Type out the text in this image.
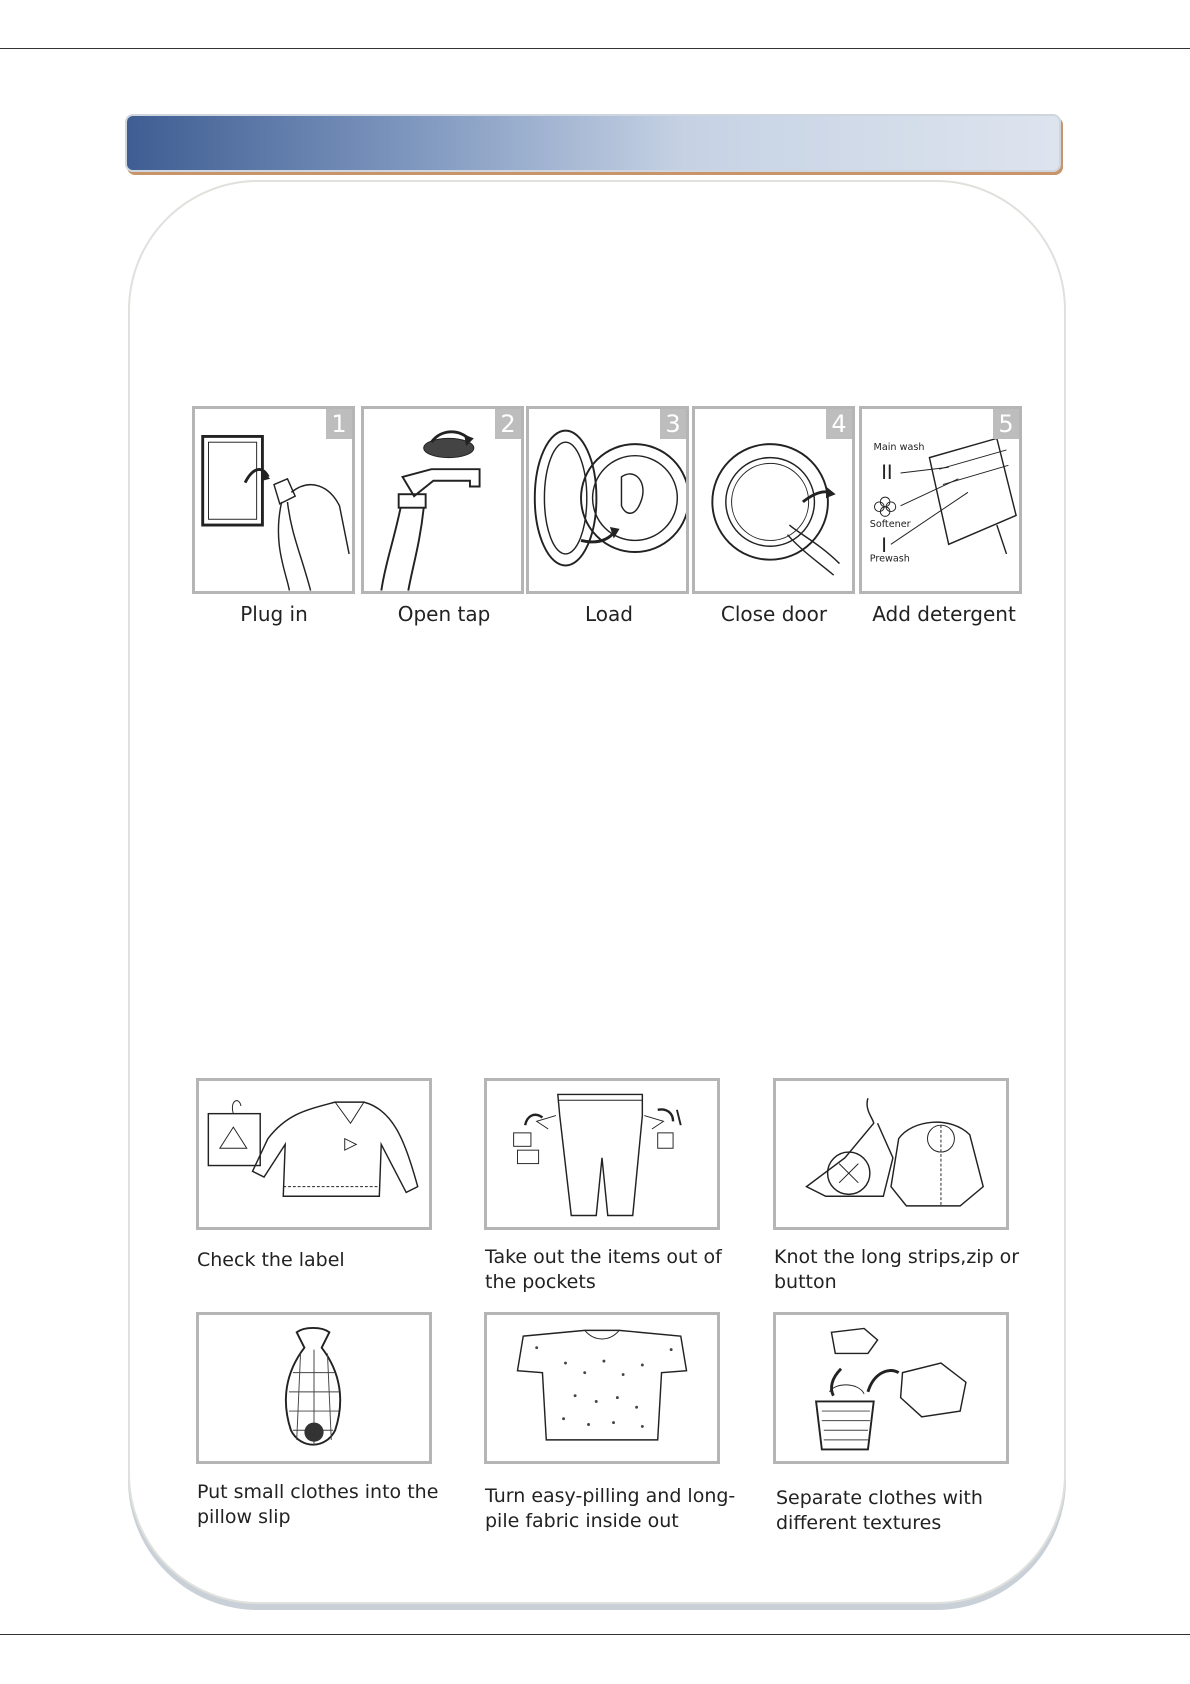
1
Plug in
2
Open tap
3
Load
4
Close door
Main wash
II
Softener
I
Prewash
5
Add detergent
Check the label	Take out the items out of the pockets
Knot the long strips,zip or button
Put small clothes into the pillow slip
Turn easy-pilling and long-pile fabric inside out
Separate clothes with different textures
